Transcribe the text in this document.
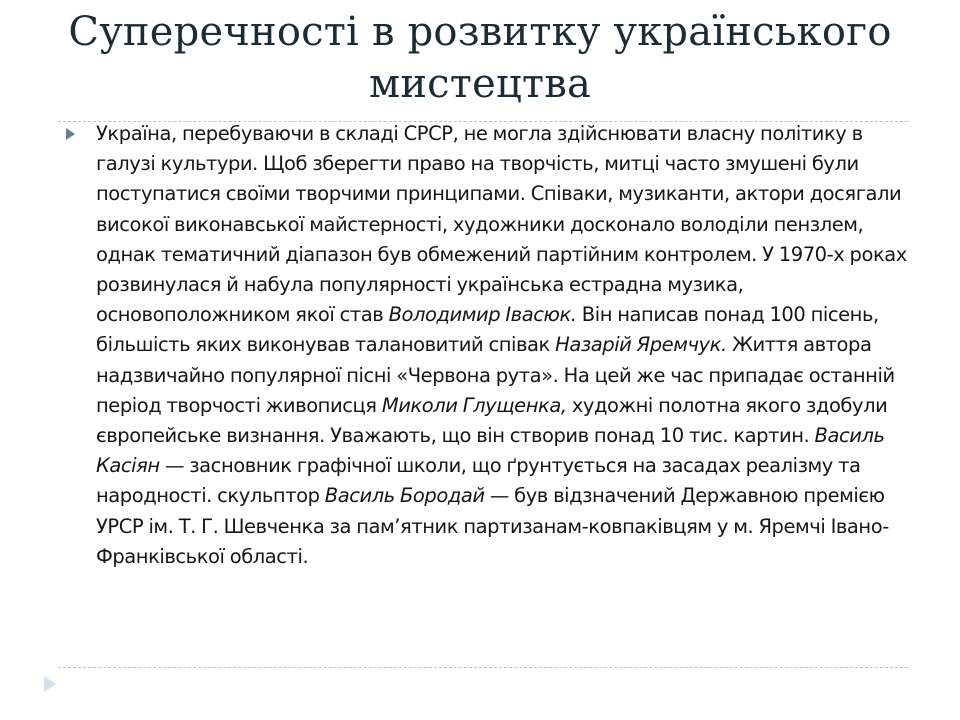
Суперечності в розвитку українського мистецтва

Україна, перебуваючи в складі СРСР, не могла здійснювати власну політику в галузі культури. Щоб зберегти право на творчість, митці часто змушені були поступатися своїми творчими принципами. Співаки, музиканти, актори досягали високої виконавської майстерності, художники досконало володіли пензлем, однак тематичний діапазон був обмежений партійним контролем. У 1970-х роках розвинулася й набула популярності українська естрадна музика, основоположником якої став Володимир Івасюк. Він написав понад 100 пісень, більшість яких виконував талановитий співак Назарій Яремчук. Життя автора надзвичайно популярної пісні «Червона рута». На цей же час припадає останній період творчості живописця Миколи Глущенка, художні полотна якого здобули європейське визнання. Уважають, що він створив понад 10 тис. картин. Василь Касіян — засновник графічної школи, що ґрунтується на засадах реалізму та народності. скульптор Василь Бородай — був відзначений Державною премією УРСР ім. Т. Г. Шевченка за пам’ятник партизанам-ковпаківцям у м. Яремчі Івано-Франківської області.
